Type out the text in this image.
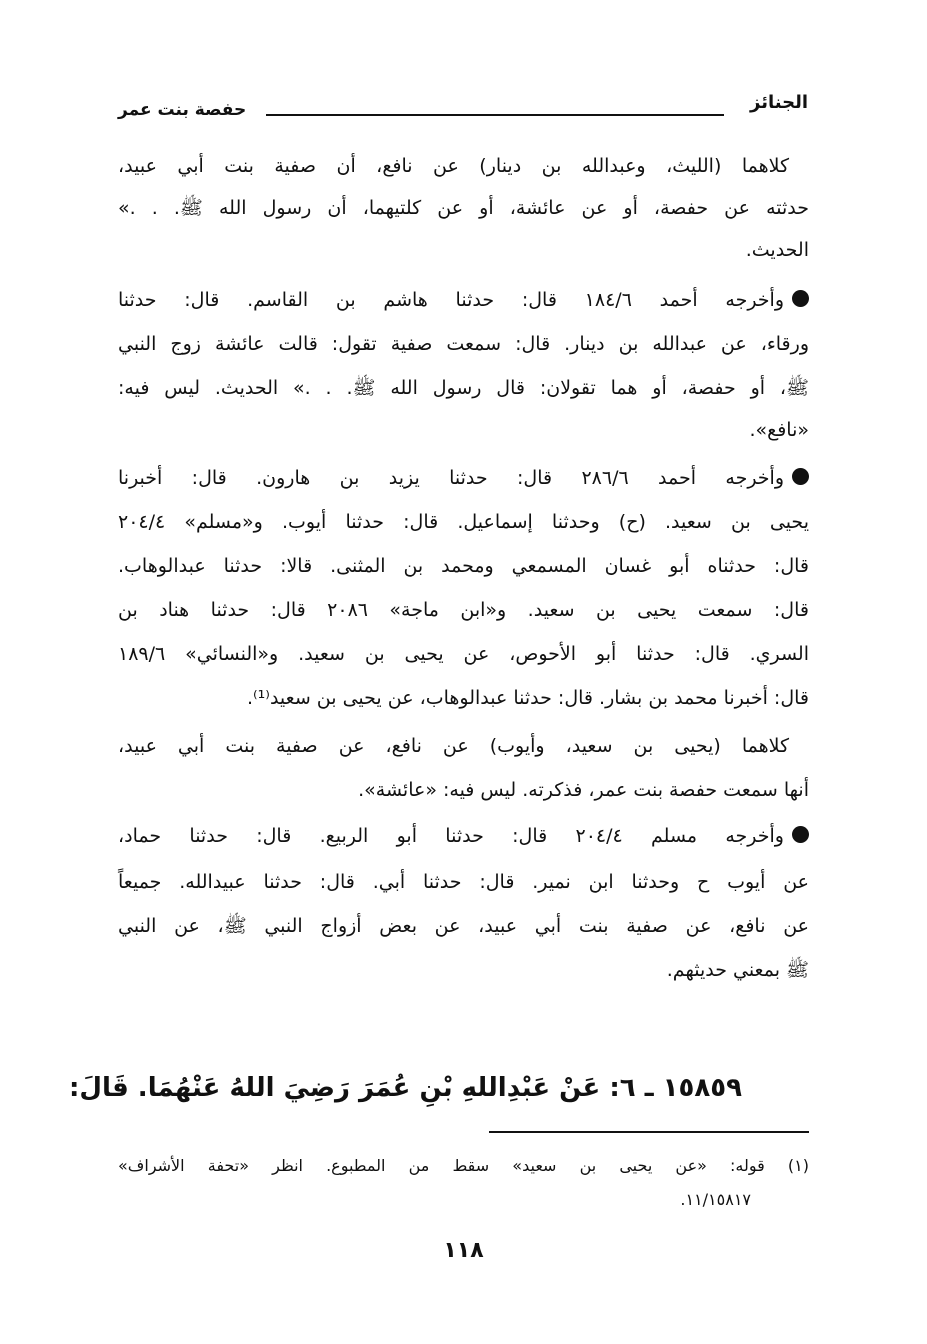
الجنائز
حفصة بنت عمر
كلاهما (الليث، وعبدالله بن دينار) عن نافع، أن صفية بنت أبي عبيد،
حدثته عن حفصة، أو عن عائشة، أو عن كلتيهما، أن رسول الله ﷺ. . .»
الحديث.
وأخرجه أحمد ١٨٤/٦ قال: حدثنا هاشم بن القاسم. قال: حدثنا
ورقاء، عن عبدالله بن دينار. قال: سمعت صفية تقول: قالت عائشة زوج النبي
ﷺ، أو حفصة، أو هما تقولان: قال رسول الله ﷺ. . .» الحديث. ليس فيه:
«نافع».
وأخرجه أحمد ٢٨٦/٦ قال: حدثنا يزيد بن هارون. قال: أخبرنا
يحيى بن سعيد. (ح) وحدثنا إسماعيل. قال: حدثنا أيوب. و«مسلم» ٢٠٤/٤
قال: حدثناه أبو غسان المسمعي ومحمد بن المثنى. قالا: حدثنا عبدالوهاب.
قال: سمعت يحيى بن سعيد. و«ابن ماجة» ٢٠٨٦ قال: حدثنا هناد بن
السري. قال: حدثنا أبو الأحوص، عن يحيى بن سعيد. و«النسائي» ١٨٩/٦
قال: أخبرنا محمد بن بشار. قال: حدثنا عبدالوهاب، عن يحيى بن سعيد⁽¹⁾.
كلاهما (يحيى بن سعيد، وأيوب) عن نافع، عن صفية بنت أبي عبيد،
أنها سمعت حفصة بنت عمر، فذكرته. ليس فيه: «عائشة».
وأخرجه مسلم ٢٠٤/٤ قال: حدثنا أبو الربيع. قال: حدثنا حماد،
عن أيوب ح وحدثنا ابن نمير. قال: حدثنا أبي. قال: حدثنا عبيدالله. جميعاً
عن نافع، عن صفية بنت أبي عبيد، عن بعض أزواج النبي ﷺ، عن النبي
ﷺ بمعني حديثهم.
١٥٨٥٩ ـ ٦: عَنْ عَبْدِاللهِ بْنِ عُمَرَ رَضِيَ اللهُ عَنْهُمَا. قَالَ:
(١) قوله: «عن يحيى بن سعيد» سقط من المطبوع. انظر «تحفة الأشراف»
١١/١٥٨١٧.
١١٨
